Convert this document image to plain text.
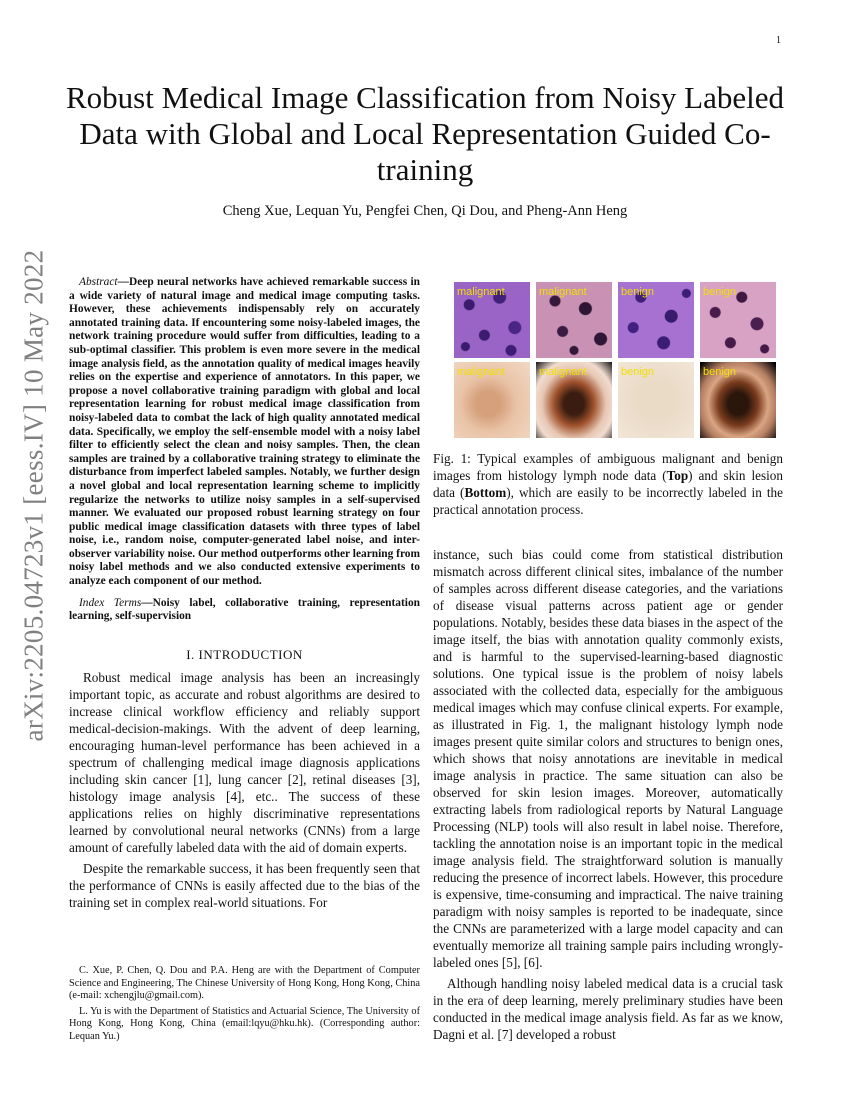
1
arXiv:2205.04723v1 [eess.IV] 10 May 2022
Robust Medical Image Classification from Noisy Labeled Data with Global and Local Representation Guided Co-training
Cheng Xue, Lequan Yu, Pengfei Chen, Qi Dou, and Pheng-Ann Heng

Abstract—Deep neural networks have achieved remarkable success in a wide variety of natural image and medical image computing tasks. However, these achievements indispensably rely on accurately annotated training data. If encountering some noisy-labeled images, the network training procedure would suffer from difficulties, leading to a sub-optimal classifier. This problem is even more severe in the medical image analysis field, as the annotation quality of medical images heavily relies on the expertise and experience of annotators. In this paper, we propose a novel collaborative training paradigm with global and local representation learning for robust medical image classification from noisy-labeled data to combat the lack of high quality annotated medical data. Specifically, we employ the self-ensemble model with a noisy label filter to efficiently select the clean and noisy samples. Then, the clean samples are trained by a collaborative training strategy to eliminate the disturbance from imperfect labeled samples. Notably, we further design a novel global and local representation learning scheme to implicitly regularize the networks to utilize noisy samples in a self-supervised manner. We evaluated our proposed robust learning strategy on four public medical image classification datasets with three types of label noise, i.e., random noise, computer-generated label noise, and inter-observer variability noise. Our method outperforms other learning from noisy label methods and we also conducted extensive experiments to analyze each component of our method.

Index Terms—Noisy label, collaborative training, representation learning, self-supervision

I. INTRODUCTION

Robust medical image analysis has been an increasingly important topic, as accurate and robust algorithms are desired to increase clinical workflow efficiency and reliably support medical-decision-makings. With the advent of deep learning, encouraging human-level performance has been achieved in a spectrum of challenging medical image diagnosis applications including skin cancer [1], lung cancer [2], retinal diseases [3], histology image analysis [4], etc.. The success of these applications relies on highly discriminative representations learned by convolutional neural networks (CNNs) from a large amount of carefully labeled data with the aid of domain experts.

Despite the remarkable success, it has been frequently seen that the performance of CNNs is easily affected due to the bias of the training set in complex real-world situations. For

C. Xue, P. Chen, Q. Dou and P.A. Heng are with the Department of Computer Science and Engineering, The Chinese University of Hong Kong, Hong Kong, China (e-mail: xchengjlu@gmail.com).

L. Yu is with the Department of Statistics and Actuarial Science, The University of Hong Kong, Hong Kong, China (email:lqyu@hku.hk). (Corresponding author: Lequan Yu.)

malignant	malignant	benign	benign
malignant	malignant	benign	benign

Fig. 1: Typical examples of ambiguous malignant and benign images from histology lymph node data (Top) and skin lesion data (Bottom), which are easily to be incorrectly labeled in the practical annotation process.

instance, such bias could come from statistical distribution mismatch across different clinical sites, imbalance of the number of samples across different disease categories, and the variations of disease visual patterns across patient age or gender populations. Notably, besides these data biases in the aspect of the image itself, the bias with annotation quality commonly exists, and is harmful to the supervised-learning-based diagnostic solutions. One typical issue is the problem of noisy labels associated with the collected data, especially for the ambiguous medical images which may confuse clinical experts. For example, as illustrated in Fig. 1, the malignant histology lymph node images present quite similar colors and structures to benign ones, which shows that noisy annotations are inevitable in medical image analysis in practice. The same situation can also be observed for skin lesion images. Moreover, automatically extracting labels from radiological reports by Natural Language Processing (NLP) tools will also result in label noise. Therefore, tackling the annotation noise is an important topic in the medical image analysis field. The straightforward solution is manually reducing the presence of incorrect labels. However, this procedure is expensive, time-consuming and impractical. The naive training paradigm with noisy samples is reported to be inadequate, since the CNNs are parameterized with a large model capacity and can eventually memorize all training sample pairs including wrongly-labeled ones [5], [6].

Although handling noisy labeled medical data is a crucial task in the era of deep learning, merely preliminary studies have been conducted in the medical image analysis field. As far as we know, Dagni et al. [7] developed a robust
